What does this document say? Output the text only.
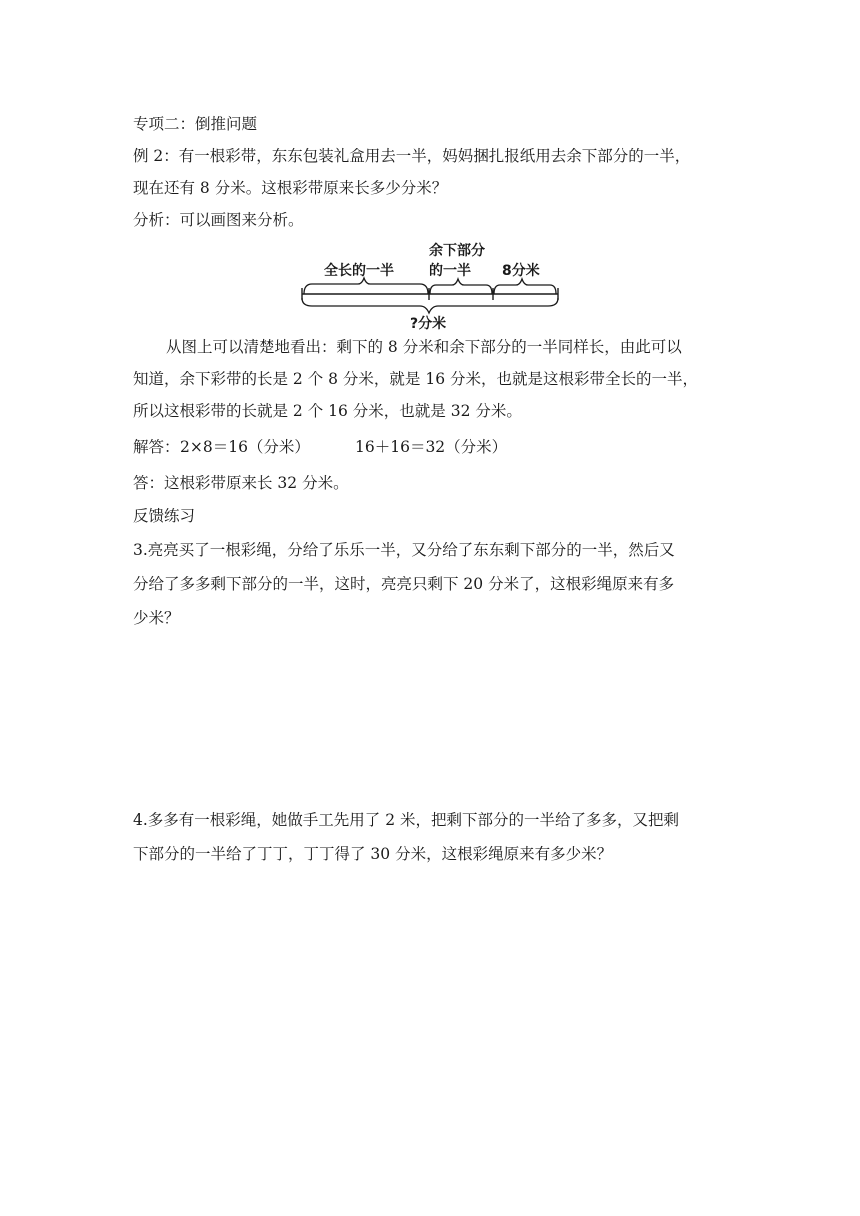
专项二：倒推问题
例 2：有一根彩带，东东包装礼盒用去一半，妈妈捆扎报纸用去余下部分的一半，
现在还有 8 分米。这根彩带原来长多少分米？
分析：可以画图来分析。
全长的一半
余下部分
的一半 8分米
?分米
从图上可以清楚地看出：剩下的 8 分米和余下部分的一半同样长，由此可以
知道，余下彩带的长是 2 个 8 分米，就是 16 分米，也就是这根彩带全长的一半，
所以这根彩带的长就是 2 个 16 分米，也就是 32 分米。
解答： 2×8＝16（分米）	16＋16＝32（分米）
答：这根彩带原来长 32 分米。
反馈练习
3.亮亮买了一根彩绳，分给了乐乐一半，又分给了东东剩下部分的一半，然后又
分给了多多剩下部分的一半，这时，亮亮只剩下 20 分米了，这根彩绳原来有多
少米？
4.多多有一根彩绳，她做手工先用了 2 米，把剩下部分的一半给了多多，又把剩
下部分的一半给了丁丁，丁丁得了 30 分米，这根彩绳原来有多少米？
